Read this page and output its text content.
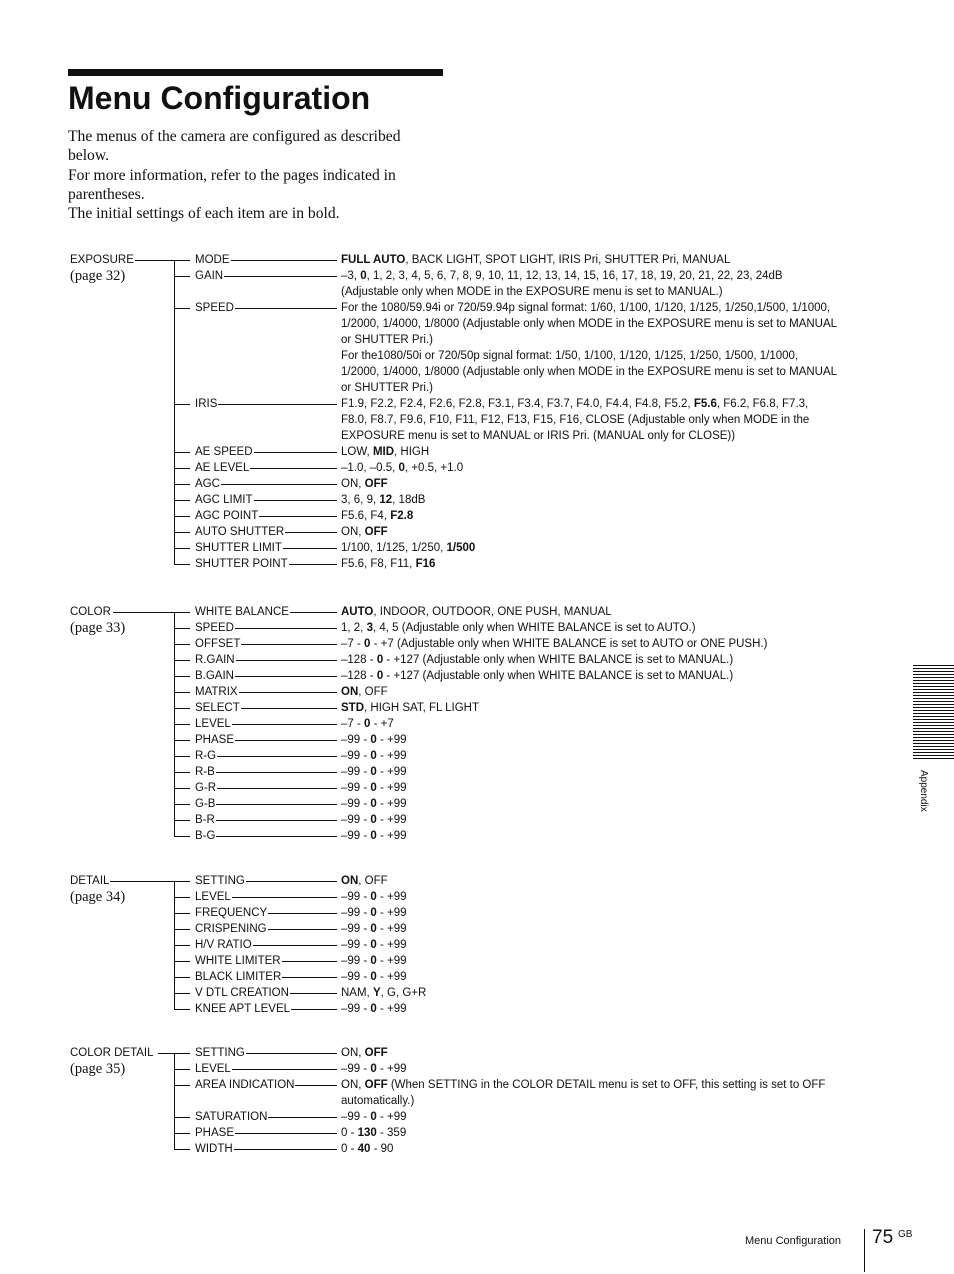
Menu Configuration

The menus of the camera are configured as described below.

For more information, refer to the pages indicated in parentheses.

The initial settings of each item are in bold.

EXPOSURE
(page 32)
MODE	FULL AUTO, BACK LIGHT, SPOT LIGHT, IRIS Pri, SHUTTER Pri, MANUAL
GAIN	–3, 0, 1, 2, 3, 4, 5, 6, 7, 8, 9, 10, 11, 12, 13, 14, 15, 16, 17, 18, 19, 20, 21, 22, 23, 24dB (Adjustable only when MODE in the EXPOSURE menu is set to MANUAL.)
SPEED	For the 1080/59.94i or 720/59.94p signal format: 1/60, 1/100, 1/120, 1/125, 1/250,1/500, 1/1000, 1/2000, 1/4000, 1/8000 (Adjustable only when MODE in the EXPOSURE menu is set to MANUAL or SHUTTER Pri.)
For the1080/50i or 720/50p signal format: 1/50, 1/100, 1/120, 1/125, 1/250, 1/500, 1/1000, 1/2000, 1/4000, 1/8000 (Adjustable only when MODE in the EXPOSURE menu is set to MANUAL or SHUTTER Pri.)
IRIS	F1.9, F2.2, F2.4, F2.6, F2.8, F3.1, F3.4, F3.7, F4.0, F4.4, F4.8, F5.2, F5.6, F6.2, F6.8, F7.3, F8.0, F8.7, F9.6, F10, F11, F12, F13, F15, F16, CLOSE (Adjustable only when MODE in the EXPOSURE menu is set to MANUAL or IRIS Pri. (MANUAL only for CLOSE))
AE SPEED	LOW, MID, HIGH
AE LEVEL	–1.0, –0.5, 0, +0.5, +1.0
AGC	ON, OFF
AGC LIMIT	3, 6, 9, 12, 18dB
AGC POINT	F5.6, F4, F2.8
AUTO SHUTTER	ON, OFF
SHUTTER LIMIT	1/100, 1/125, 1/250, 1/500
SHUTTER POINT	F5.6, F8, F11, F16
COLOR
(page 33)
WHITE BALANCE	AUTO, INDOOR, OUTDOOR, ONE PUSH, MANUAL
SPEED	1, 2, 3, 4, 5 (Adjustable only when WHITE BALANCE is set to AUTO.)
OFFSET	–7 - 0 - +7 (Adjustable only when WHITE BALANCE is set to AUTO or ONE PUSH.)
R.GAIN	–128 - 0 - +127 (Adjustable only when WHITE BALANCE is set to MANUAL.)
B.GAIN	–128 - 0 - +127 (Adjustable only when WHITE BALANCE is set to MANUAL.)
MATRIX	ON, OFF
SELECT	STD, HIGH SAT, FL LIGHT
LEVEL	–7 - 0 - +7
PHASE	–99 - 0 - +99
R-G	–99 - 0 - +99
R-B	–99 - 0 - +99
G-R	–99 - 0 - +99
G-B	–99 - 0 - +99
B-R	–99 - 0 - +99
B-G	–99 - 0 - +99
DETAIL
(page 34)
SETTING	ON, OFF
LEVEL	–99 - 0 - +99
FREQUENCY	–99 - 0 - +99
CRISPENING	–99 - 0 - +99
H/V RATIO	–99 - 0 - +99
WHITE LIMITER	–99 - 0 - +99
BLACK LIMITER	–99 - 0 - +99
V DTL CREATION	NAM, Y, G, G+R
KNEE APT LEVEL	–99 - 0 - +99
COLOR DETAIL
(page 35)
SETTING	ON, OFF
LEVEL	–99 - 0 - +99
AREA INDICATION	ON, OFF (When SETTING in the COLOR DETAIL menu is set to OFF, this setting is set to OFF automatically.)
SATURATION	–99 - 0 - +99
PHASE	0 - 130 - 359
WIDTH	0 - 40 - 90
Appendix
Menu Configuration 75 GB
